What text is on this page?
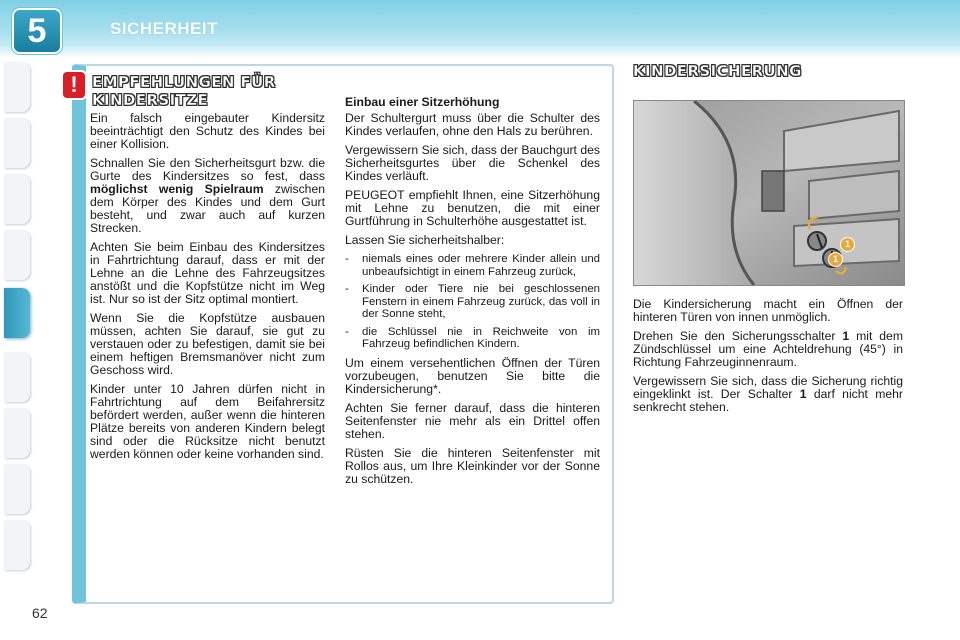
5	SICHERHEIT
62
! EMPFEHLUNGEN FÜR
KINDERSITZE

Ein falsch eingebauter Kindersitz beeinträchtigt den Schutz des Kindes bei einer Kollision.

Schnallen Sie den Sicherheitsgurt bzw. die Gurte des Kindersitzes so fest, dass möglichst wenig Spielraum zwischen dem Körper des Kindes und dem Gurt besteht, und zwar auch auf kurzen Strecken.

Achten Sie beim Einbau des Kindersitzes in Fahrtrichtung darauf, dass er mit der Lehne an die Lehne des Fahrzeugsitzes anstößt und die Kopfstütze nicht im Weg ist. Nur so ist der Sitz optimal montiert.

Wenn Sie die Kopfstütze ausbauen müssen, achten Sie darauf, sie gut zu verstauen oder zu befestigen, damit sie bei einem heftigen Bremsmanöver nicht zum Geschoss wird.

Kinder unter 10 Jahren dürfen nicht in Fahrtrichtung auf dem Beifahrersitz befördert werden, außer wenn die hinteren Plätze bereits von anderen Kindern belegt sind oder die Rücksitze nicht benutzt werden können oder keine vorhanden sind.

Einbau einer Sitzerhöhung

Der Schultergurt muss über die Schulter des Kindes verlaufen, ohne den Hals zu berühren.

Vergewissern Sie sich, dass der Bauchgurt des Sicherheitsgurtes über die Schenkel des Kindes verläuft.

PEUGEOT empfiehlt Ihnen, eine Sitzerhöhung mit Lehne zu benutzen, die mit einer Gurtführung in Schulterhöhe ausgestattet ist.

Lassen Sie sicherheitshalber:

- niemals eines oder mehrere Kinder allein und unbeaufsichtigt in einem Fahrzeug zurück,
- Kinder oder Tiere nie bei geschlossenen Fenstern in einem Fahrzeug zurück, das voll in der Sonne steht,
- die Schlüssel nie in Reichweite von im Fahrzeug befindlichen Kindern.

Um einem versehentlichen Öffnen der Türen vorzubeugen, benutzen Sie bitte die Kindersicherung*.

Achten Sie ferner darauf, dass die hinteren Seitenfenster nie mehr als ein Drittel offen stehen.

Rüsten Sie die hinteren Seitenfenster mit Rollos aus, um Ihre Kleinkinder vor der Sonne zu schützen.

KINDERSICHERUNG
1
1

Die Kindersicherung macht ein Öffnen der hinteren Türen von innen unmöglich.

Drehen Sie den Sicherungsschalter 1 mit dem Zündschlüssel um eine Achteldrehung (45°) in Richtung Fahrzeuginnenraum.

Vergewissern Sie sich, dass die Sicherung richtig eingeklinkt ist. Der Schalter 1 darf nicht mehr senkrecht stehen.
